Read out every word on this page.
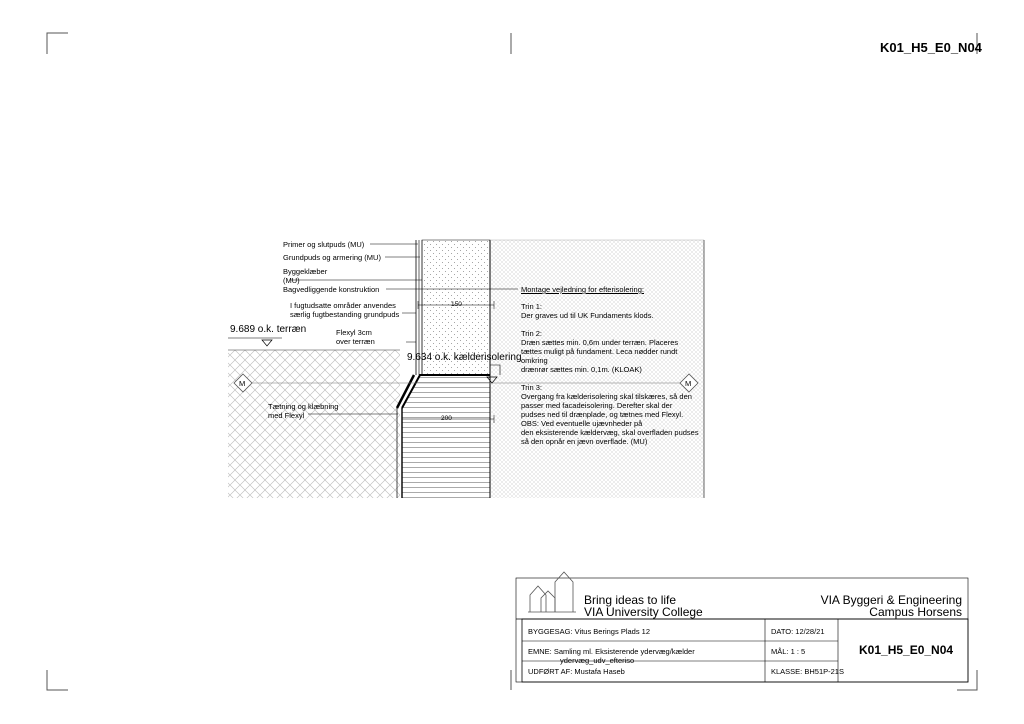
K01_H5_E0_N04
Primer og slutpuds (MU)
Grundpuds og armering (MU)
Byggeklæber
(MU)
Bagvedliggende konstruktion
I fugtudsatte områder anvendes
særlig fugtbestanding grundpuds
Flexyl 3cm
over terræn
Tætning og klæbning
med Flexyl
9.689 o.k. terræn
9.634 o.k. kælderisolering
150
200
M	M
Montage vejledning for efterisolering:
Trin 1:
Der graves ud til UK Fundaments klods.
Trin 2:
Dræn sættes min. 0,6m under terræn. Placeres
tættes muligt på fundament. Leca nødder rundt
omkring
drænrør sættes min. 0,1m. (KLOAK)
Trin 3:
Overgang fra kælderisolering skal tilskæres, så den
passer med facadeisolering. Derefter skal der
pudses ned til drænplade, og tætnes med Flexyl.
OBS: Ved eventuelle ujævnheder på
den eksisterende kældervæg, skal overfladen pudses
så den opnår en jævn overflade. (MU)
Bring ideas to life
VIA University College
VIA Byggeri & Engineering
Campus Horsens
BYGGESAG: Vitus Berings Plads 12
EMNE: Samling ml. Eksisterende ydervæg/kælder
ydervæg_udv_efteriso
UDFØRT AF: Mustafa Haseb
DATO: 12/28/21
MÅL: 1 : 5
KLASSE: BH51P-21S
K01_H5_E0_N04
